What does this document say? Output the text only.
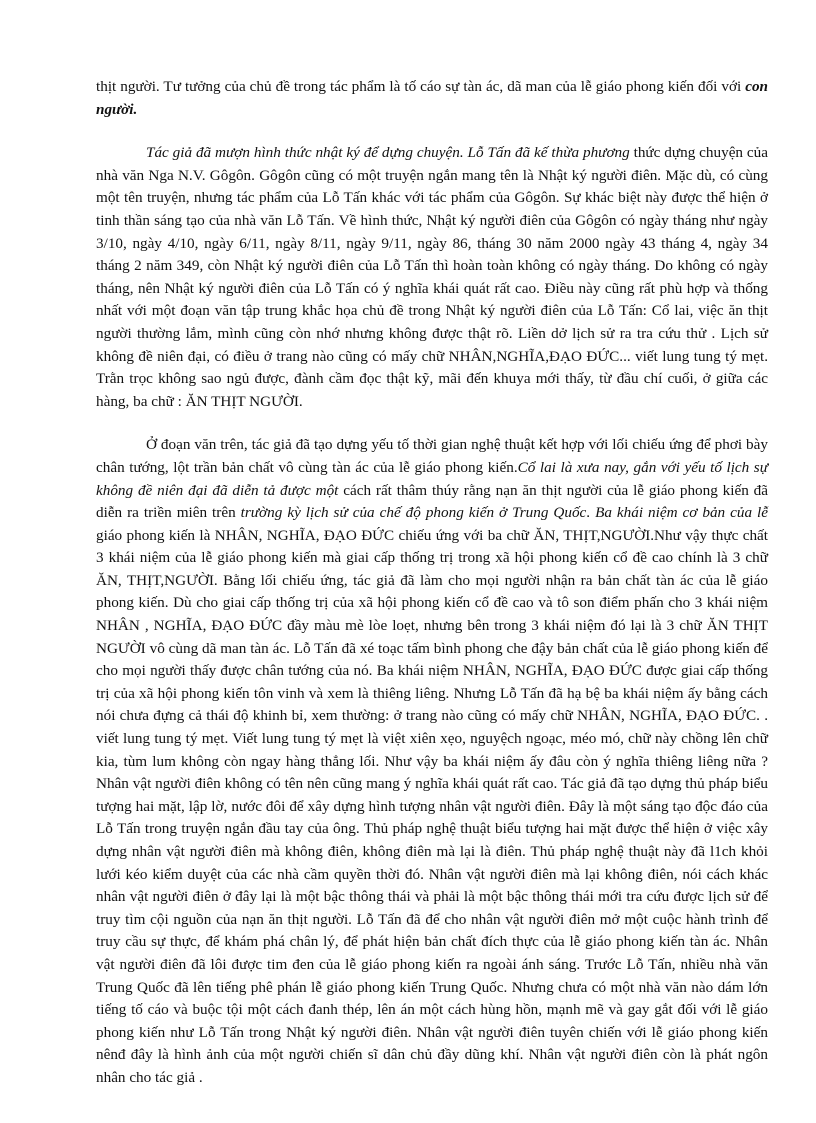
thịt người. Tư tưởng của chủ đề trong tác phẩm là tố cáo sự tàn ác, dã man của lễ giáo phong kiến đối với con người.

Tác giả đã mượn hình thức nhật ký để dựng chuyện. Lỗ Tấn đã kế thừa phương thức dựng chuyện của nhà văn Nga N.V. Gôgôn. Gôgôn cũng có một truyện ngắn mang tên là Nhật ký người điên. Mặc dù, có cùng một tên truyện, nhưng tác phẩm của Lỗ Tấn khác với tác phẩm của Gôgôn. Sự khác biệt này được thể hiện ở tinh thần sáng tạo của nhà văn Lỗ Tấn. Về hình thức, Nhật ký người điên của Gôgôn có ngày tháng như ngày 3/10, ngày 4/10, ngày 6/11, ngày 8/11, ngày 9/11, ngày 86, tháng 30 năm 2000 ngày 43 tháng 4, ngày 34 tháng 2 năm 349, còn Nhật ký người điên của Lỗ Tấn thì hoàn toàn không có ngày tháng. Do không có ngày tháng, nên Nhật ký người điên của Lỗ Tấn có ý nghĩa khái quát rất cao. Điều này cũng rất phù hợp và thống nhất với một đoạn văn tập trung khắc họa chủ đề trong Nhật ký người điên của Lỗ Tấn: Cổ lai, việc ăn thịt người thường lắm, mình cũng còn nhớ nhưng không được thật rõ. Liền dở lịch sử ra tra cứu thử . Lịch sử không đề niên đại, có điều ở trang nào cũng có mấy chữ NHÂN,NGHĨA,ĐẠO ĐỨC... viết lung tung tý mẹt. Trằn trọc không sao ngủ được, đành cầm đọc thật kỹ, mãi đến khuya mới thấy, từ đầu chí cuối, ở giữa các hàng, ba chữ : ĂN THỊT NGƯỜI.

Ở đoạn văn trên, tác giả đã tạo dựng yếu tố thời gian nghệ thuật kết hợp với lối chiếu ứng để phơi bày chân tướng, lột trần bản chất vô cùng tàn ác của lễ giáo phong kiến.Cổ lai là xưa nay, gắn với yếu tố lịch sự không đề niên đại đã diễn tả được một cách rất thâm thúy rằng nạn ăn thịt người của lễ giáo phong kiến đã diễn ra triền miên trên trường kỳ lịch sử của chế độ phong kiến ở Trung Quốc. Ba khái niệm cơ bản của lễ giáo phong kiến là NHÂN, NGHĨA, ĐẠO ĐỨC chiếu ứng với ba chữ ĂN, THỊT,NGƯỜI.Như vậy thực chất 3 khái niệm của lễ giáo phong kiến mà giai cấp thống trị trong xã hội phong kiến cổ đề cao chính là 3 chữ ĂN, THỊT,NGƯỜI. Bằng lối chiếu ứng, tác giả đã làm cho mọi người nhận ra bản chất tàn ác của lễ giáo phong kiến. Dù cho giai cấp thống trị của xã hội phong kiến cổ đề cao và tô son điểm phấn cho 3 khái niệm NHÂN , NGHĨA, ĐẠO ĐỨC đầy màu mè lòe loẹt, nhưng bên trong 3 khái niệm đó lại là 3 chữ ĂN THỊT NGƯỜI vô cùng dã man tàn ác. Lỗ Tấn đã xé toạc tấm bình phong che đậy bản chất của lễ giáo phong kiến để cho mọi người thấy được chân tướng của nó. Ba khái niệm NHÂN, NGHĨA, ĐẠO ĐỨC được giai cấp thống trị của xã hội phong kiến tôn vinh và xem là thiêng liêng. Nhưng Lỗ Tấn đã hạ bệ ba khái niệm ấy bằng cách nói chưa đựng cả thái độ khinh bỉ, xem thường: ở trang nào cũng có mấy chữ NHÂN, NGHĨA, ĐẠO ĐỨC. . viết lung tung tý mẹt. Viết lung tung tý mẹt là việt xiên xẹo, nguyệch ngoạc, méo mó, chữ này chồng lên chữ kia, tùm lum không còn ngay hàng thẳng lối. Như vậy ba khái niệm ấy đâu còn ý nghĩa thiêng liêng nữa ? Nhân vật người điên không có tên nên cũng mang ý nghĩa khái quát rất cao. Tác giả đã tạo dựng thủ pháp biểu tượng hai mặt, lập lờ, nước đôi để xây dựng hình tượng nhân vật người điên. Đây là một sáng tạo độc đáo của Lỗ Tấn trong truyện ngắn đầu tay của ông. Thủ pháp nghệ thuật biểu tượng hai mặt được thể hiện ở việc xây dựng nhân vật người điên mà không điên, không điên mà lại là điên. Thủ pháp nghệ thuật này đã l1ch khỏi lưới kéo kiểm duyệt của các nhà cầm quyền thời đó. Nhân vật người điên mà lại không điên, nói cách khác nhân vật người điên ở đây lại là một bậc thông thái và phải là một bậc thông thái mới tra cứu được lịch sử để truy tìm cội nguồn của nạn ăn thịt người. Lỗ Tấn đã để cho nhân vật người điên mở một cuộc hành trình để truy cầu sự thực, để khám phá chân lý, để phát hiện bản chất đích thực của lễ giáo phong kiến tàn ác. Nhân vật người điên đã lôi được tim đen của lễ giáo phong kiến ra ngoài ánh sáng. Trước Lỗ Tấn, nhiều nhà văn Trung Quốc đã lên tiếng phê phán lễ giáo phong kiến Trung Quốc. Nhưng chưa có một nhà văn nào dám lớn tiếng tố cáo và buộc tội một cách đanh thép, lên án một cách hùng hồn, mạnh mẽ và gay gắt đối với lễ giáo phong kiến như Lỗ Tấn trong Nhật ký người điên. Nhân vật người điên tuyên chiến với lễ giáo phong kiến nênđ đây là hình ảnh của một người chiến sĩ dân chủ đầy dũng khí. Nhân vật người điên còn là phát ngôn nhân cho tác giả .
